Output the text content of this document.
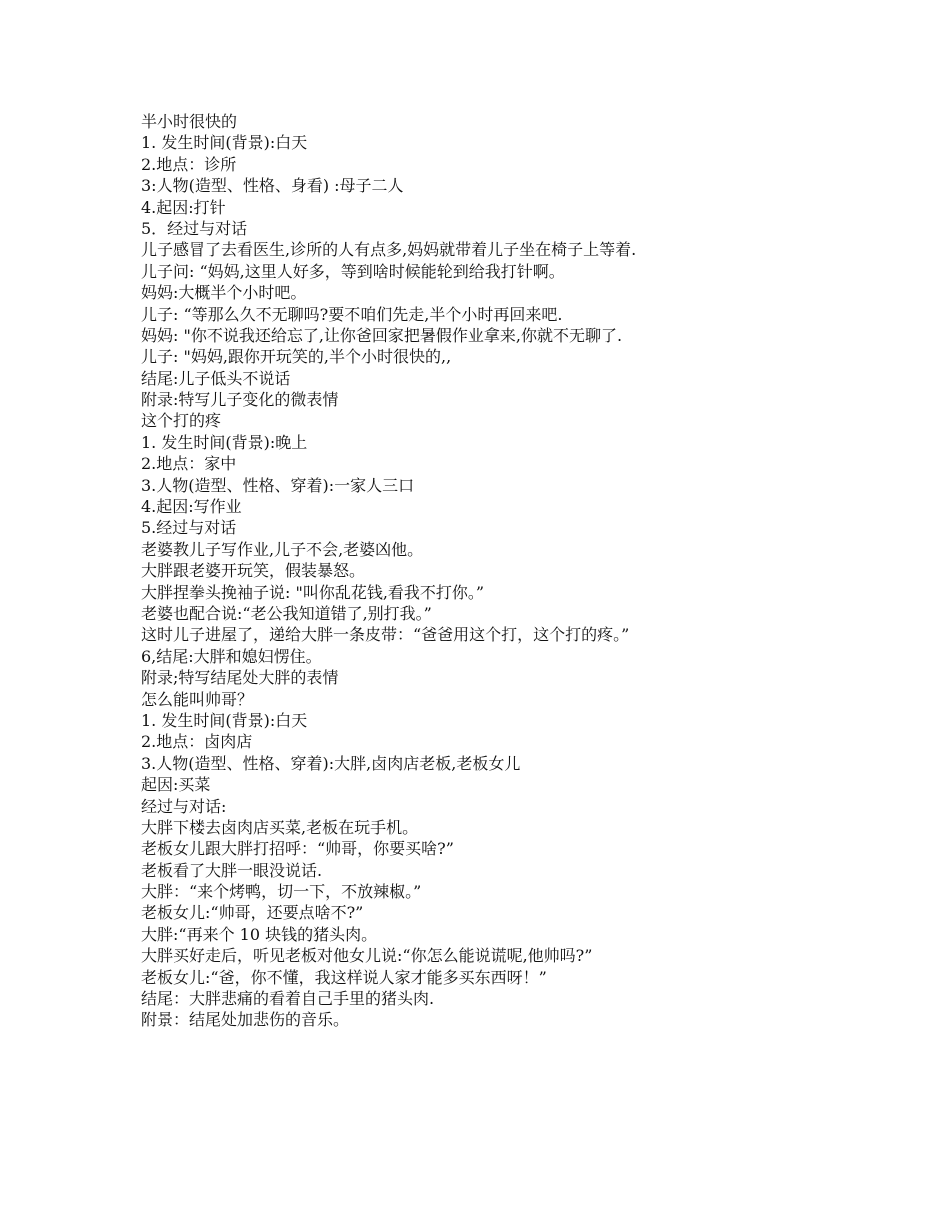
半小时很快的
1. 发生时间(背景):白天
2.地点：诊所
3:人物(造型、性格、身看) :母子二人
4.起因:打针
5．经过与对话
儿子感冒了去看医生,诊所的人有点多,妈妈就带着儿子坐在椅子上等着.
儿子问: “妈妈,这里人好多，等到啥时候能轮到给我打针啊。
妈妈:大概半个小时吧。
儿子: “等那么久不无聊吗?要不咱们先走,半个小时再回来吧.
妈妈: "你不说我还给忘了,让你爸回家把暑假作业拿来,你就不无聊了.
儿子: "妈妈,跟你开玩笑的,半个小时很快的,,
结尾:儿子低头不说话
附录:特写儿子变化的微表情
这个打的疼
1. 发生时间(背景):晚上
2.地点：家中
3.人物(造型、性格、穿着):一家人三口
4.起因:写作业
5.经过与对话
老婆教儿子写作业,儿子不会,老婆凶他。
大胖跟老婆开玩笑，假装暴怒。
大胖捏拳头挽袖子说: "叫你乱花钱,看我不打你。”
老婆也配合说:“老公我知道错了,别打我。”
这时儿子进屋了，递给大胖一条皮带：“爸爸用这个打，这个打的疼。”
6,结尾:大胖和媳妇愣住。
附录;特写结尾处大胖的表情
怎么能叫帅哥？
1. 发生时间(背景):白天
2.地点：卤肉店
3.人物(造型、性格、穿着):大胖,卤肉店老板,老板女儿
起因:买菜
经过与对话:
大胖下楼去卤肉店买菜,老板在玩手机。
老板女儿跟大胖打招呼：“帅哥，你要买啥?”
老板看了大胖一眼没说话.
大胖：“来个烤鸭，切一下，不放辣椒。”
老板女儿:“帅哥，还要点啥不?”
大胖:“再来个 10 块钱的猪头肉。
大胖买好走后，听见老板对他女儿说:“你怎么能说谎呢,他帅吗?”
老板女儿:“爸，你不懂，我这样说人家才能多买东西呀！”
结尾：大胖悲痛的看着自己手里的猪头肉.
附景：结尾处加悲伤的音乐。
